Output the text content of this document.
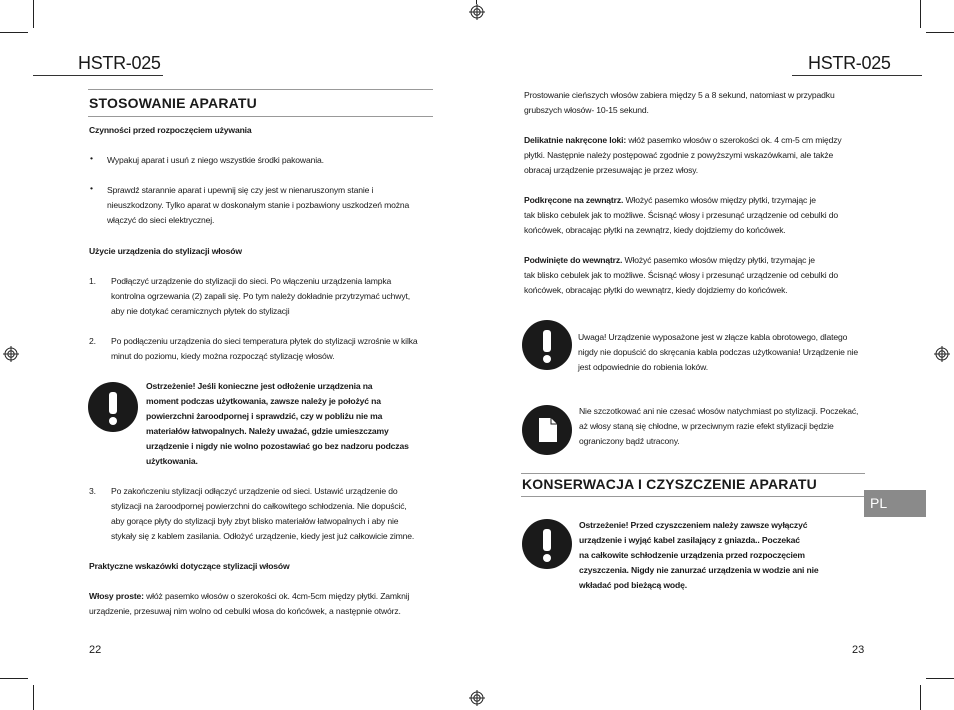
HSTR-025	HSTR-025
STOSOWANIE APARATU
Czynności przed rozpoczęciem używania
• Wypakuj aparat i usuń z niego wszystkie środki pakowania.
• Sprawdź starannie aparat i upewnij się czy jest w nienaruszonym stanie i
nieuszkodzony. Tylko aparat w doskonałym stanie i pozbawiony uszkodzeń można
włączyć do sieci elektrycznej.
Użycie urządzenia do stylizacji włosów
1. Podłączyć urządzenie do stylizacji do sieci. Po włączeniu urządzenia lampka
kontrolna ogrzewania (2) zapali się. Po tym należy dokładnie przytrzymać uchwyt,
aby nie dotykać ceramicznych płytek do stylizacji
2. Po podłączeniu urządzenia do sieci temperatura płytek do stylizacji wzrośnie w kilka
minut do poziomu, kiedy można rozpocząć stylizację włosów.
Ostrzeżenie! Jeśli konieczne jest odłożenie urządzenia na
moment podczas użytkowania, zawsze należy je położyć na
powierzchni żaroodpornej i sprawdzić, czy w pobliżu nie ma
materiałów łatwopalnych. Należy uważać, gdzie umieszczamy
urządzenie i nigdy nie wolno pozostawiać go bez nadzoru podczas
użytkowania.
3. Po zakończeniu stylizacji odłączyć urządzenie od sieci. Ustawić urządzenie do
stylizacji na żaroodpornej powierzchni do całkowitego schłodzenia. Nie dopuścić,
aby gorące płyty do stylizacji były zbyt blisko materiałów łatwopalnych i aby nie
stykały się z kablem zasilania. Odłożyć urządzenie, kiedy jest już całkowicie zimne.
Praktyczne wskazówki dotyczące stylizacji włosów
Włosy proste: włóż pasemko włosów o szerokości ok. 4cm-5cm między płytki. Zamknij
urządzenie, przesuwaj nim wolno od cebulki włosa do końcówek, a następnie otwórz.
22
Prostowanie cieńszych włosów zabiera między 5 a 8 sekund, natomiast w przypadku
grubszych włosów- 10-15 sekund.
Delikatnie nakręcone loki: włóż pasemko włosów o szerokości ok. 4 cm-5 cm między
płytki. Następnie należy postępować zgodnie z powyższymi wskazówkami, ale także
obracaj urządzenie przesuwając je przez włosy.
Podkręcone na zewnątrz. Włożyć pasemko włosów między płytki, trzymając je
tak blisko cebulek jak to możliwe. Ścisnąć włosy i przesunąć urządzenie od cebulki do
końcówek, obracając płytki na zewnątrz, kiedy dojdziemy do końcówek.
Podwinięte do wewnątrz. Włożyć pasemko włosów między płytki, trzymając je
tak blisko cebulek jak to możliwe. Ścisnąć włosy i przesunąć urządzenie od cebulki do
końcówek, obracając płytki do wewnątrz, kiedy dojdziemy do końcówek.
Uwaga! Urządzenie wyposażone jest w złącze kabla obrotowego, dlatego
nigdy nie dopuścić do skręcania kabla podczas użytkowania! Urządzenie nie
jest odpowiednie do robienia loków.
Nie szczotkować ani nie czesać włosów natychmiast po stylizacji. Poczekać,
aż włosy staną się chłodne, w przeciwnym razie efekt stylizacji będzie
ograniczony bądź utracony.
KONSERWACJA I CZYSZCZENIE APARATU
PL
Ostrzeżenie! Przed czyszczeniem należy zawsze wyłączyć
urządzenie i wyjąć kabel zasilający z gniazda.. Poczekać
na całkowite schłodzenie urządzenia przed rozpoczęciem
czyszczenia. Nigdy nie zanurzać urządzenia w wodzie ani nie
wkładać pod bieżącą wodę.
23
